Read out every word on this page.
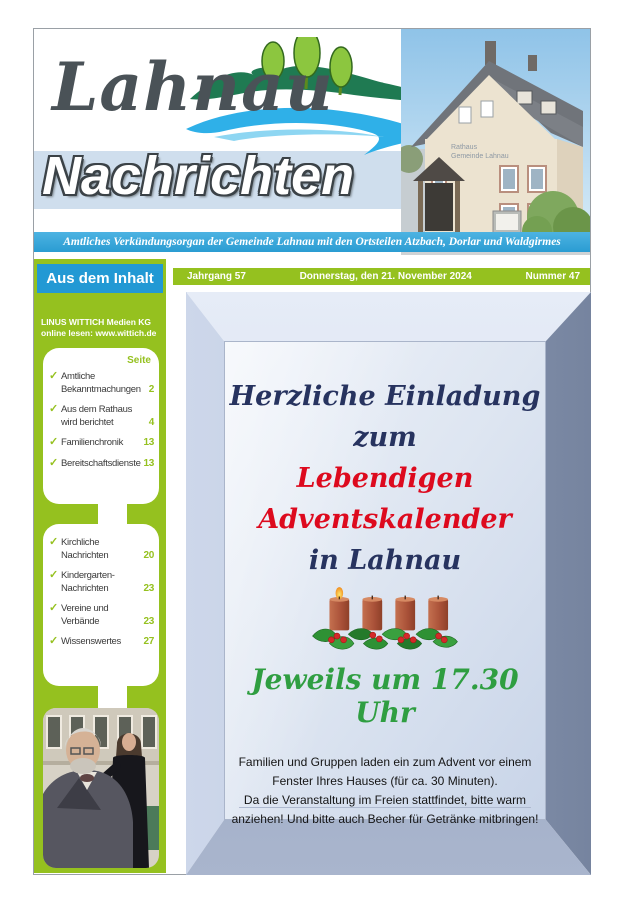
Lahnau
Rathaus
Gemeinde Lahnau
Nachrichten
Amtliches Verkündungsorgan der Gemeinde Lahnau mit den Ortsteilen Atzbach, Dorlar und Waldgirmes
Jahrgang 57	Donnerstag, den 21. November 2024	Nummer 47
Aus dem Inhalt
LINUS WITTICH Medien KG
online lesen: www.wittich.de
Seite
✓ Amtliche
Bekanntmachungen 2
✓ Aus dem Rathaus
wird berichtet	4
✓ Familienchronik	13
✓ Bereitschaftsdienste 13
✓ Kirchliche
Nachrichten	20
✓ Kindergarten-
Nachrichten	23
✓ Vereine und
Verbände	23
✓ Wissenswertes	27
Herzliche Einladung
zum
Lebendigen
Adventskalender
in Lahnau
Jeweils um 17.30 Uhr
Familien und Gruppen laden ein zum Advent vor einem
Fenster Ihres Hauses (für ca. 30 Minuten).
Da die Veranstaltung im Freien stattfindet, bitte warm
anziehen! Und bitte auch Becher für Getränke mitbringen!
